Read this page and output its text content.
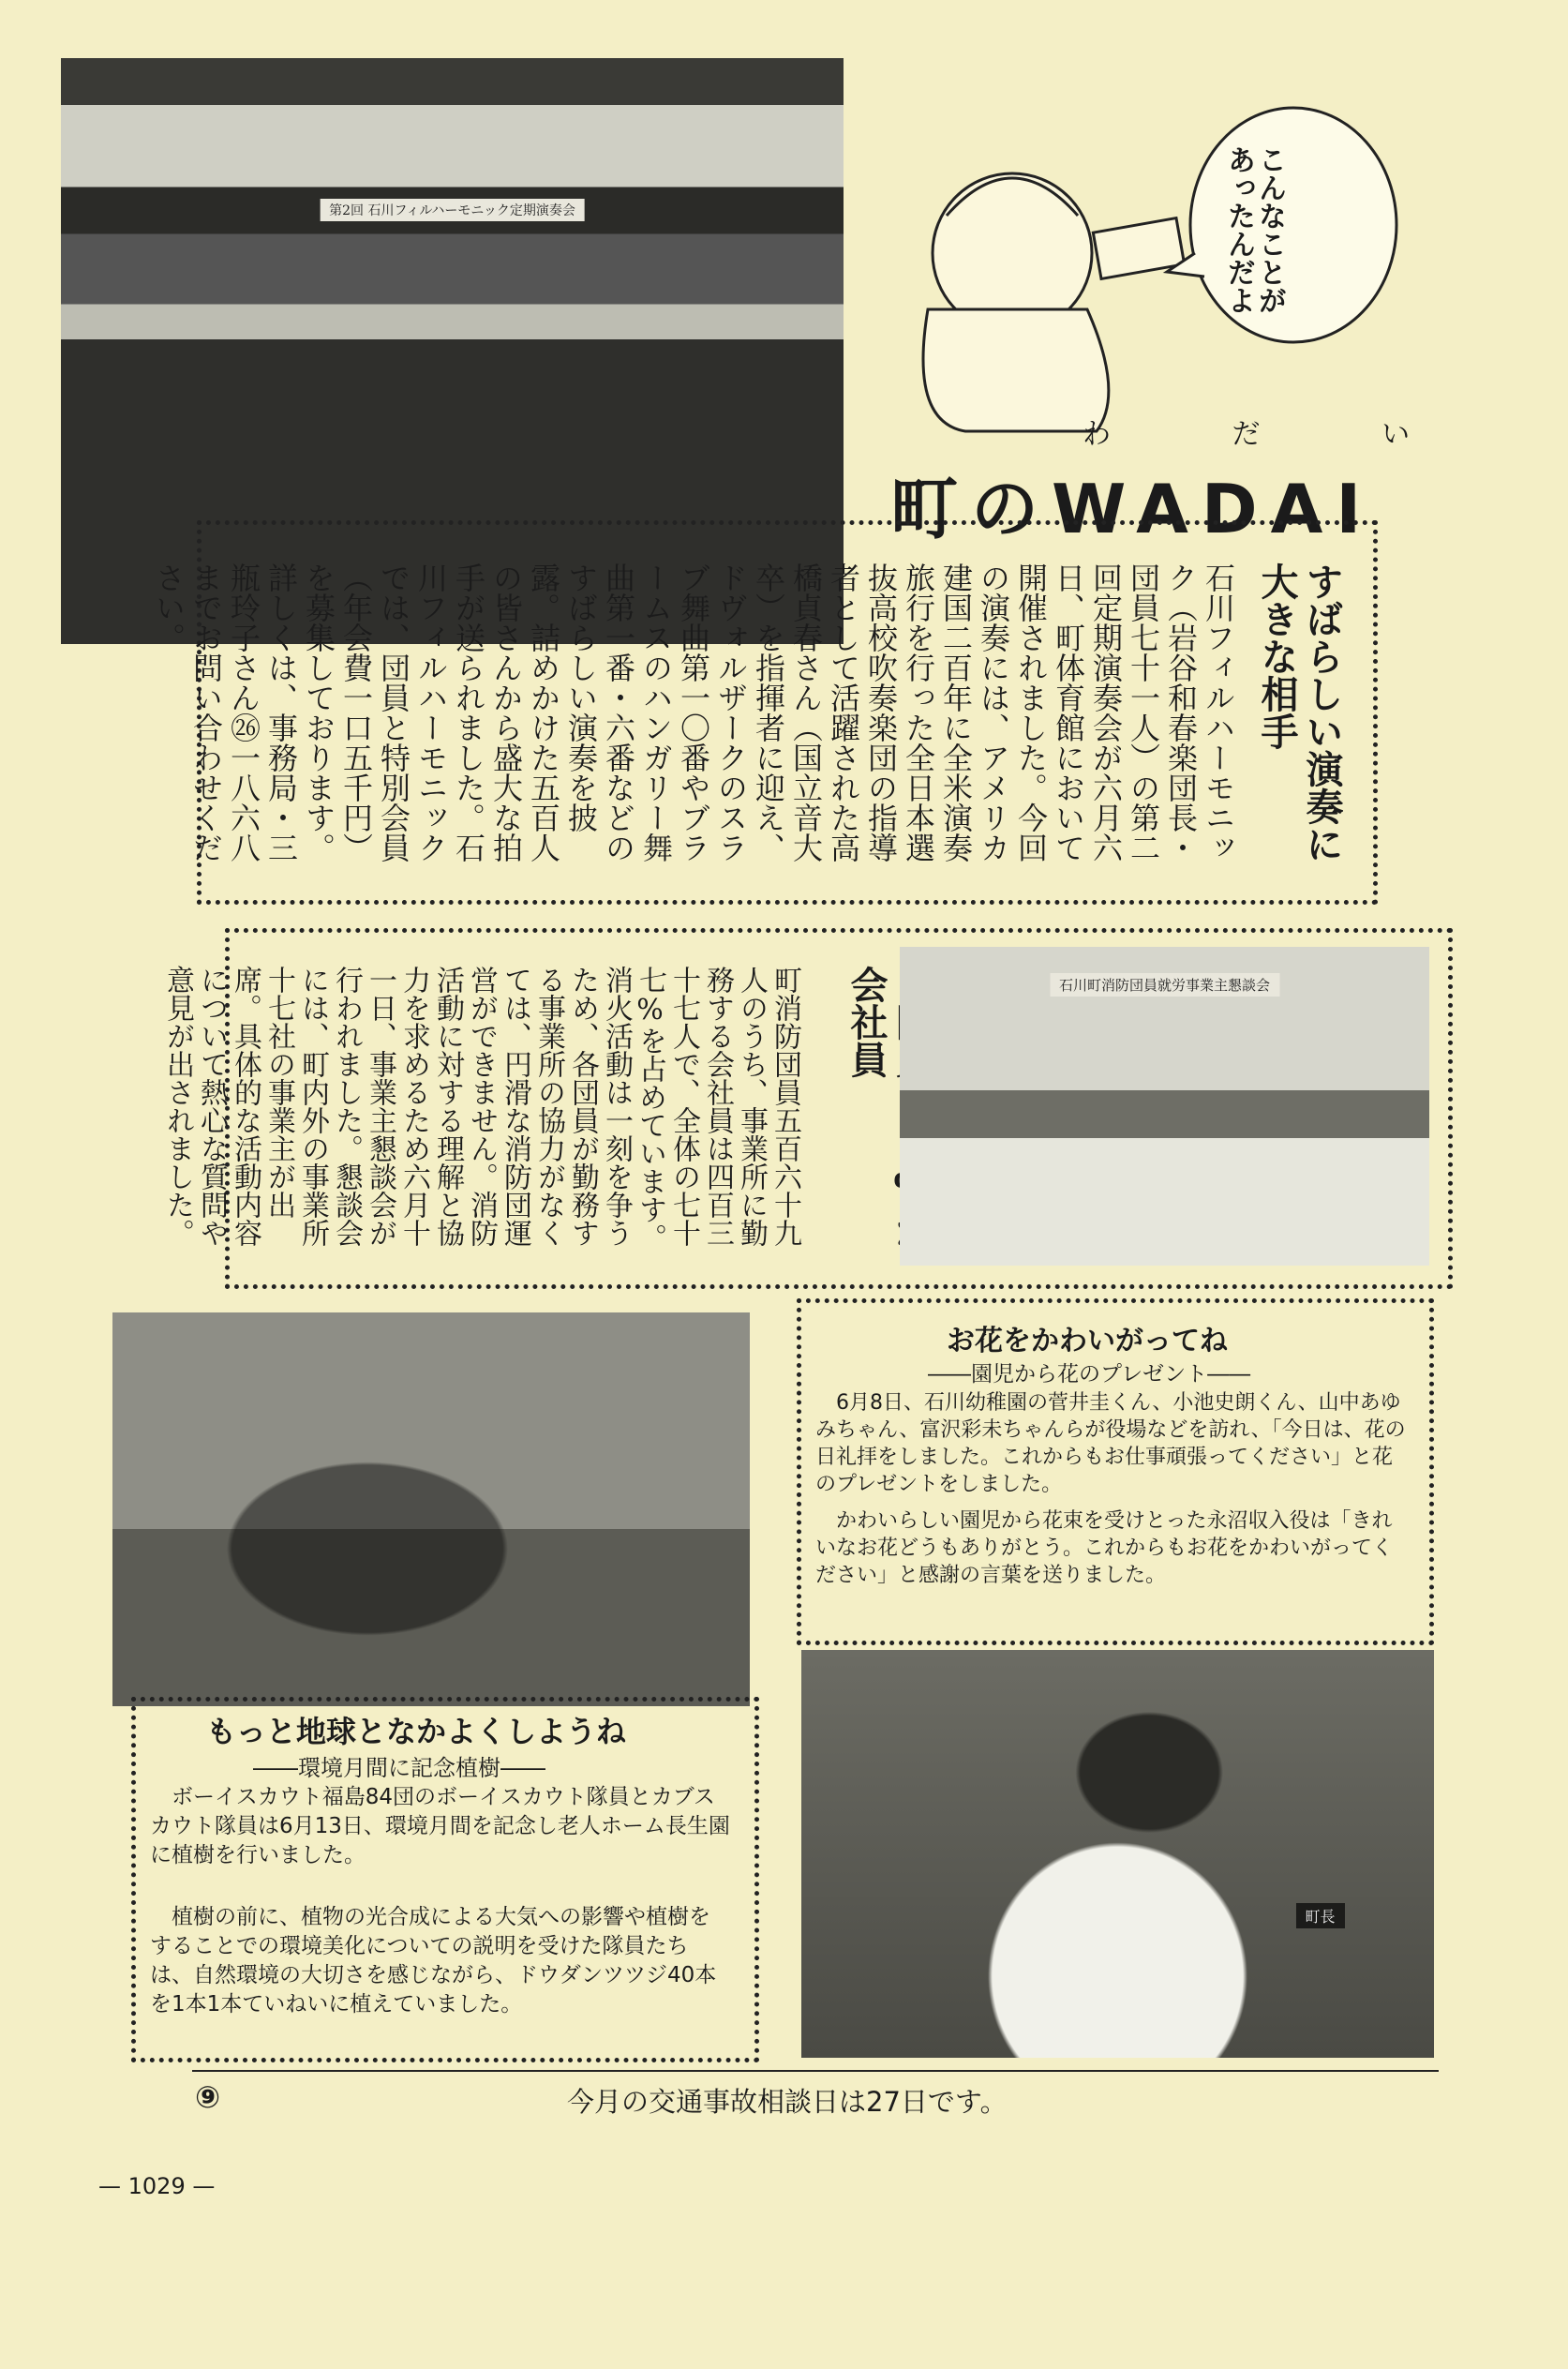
第2回 石川フィルハーモニック定期演奏会	こんなことがあったんだよ
わ だ い
町のWADAI
すばらしい演奏に大きな相手
石川フィルハーモニック（岩谷和春楽団長・団員七十一人）の第二回定期演奏会が六月六日、町体育館において開催されました。今回の演奏には、アメリカ建国二百年に全米演奏旅行を行った全日本選抜高校吹奏楽団の指導者として活躍された高橋貞春さん（国立音大卒）を指揮者に迎え、ドヴォルザークのスラブ舞曲第一〇番やブラームスのハンガリー舞曲第一番・六番などのすばらしい演奏を披露。詰めかけた五百人の皆さんから盛大な拍手が送られました。石川フィルハーモニックでは、団員と特別会員（年会費一口五千円）を募集しております。詳しくは、事務局・三瓶玲子さん㉖一八六八までお問い合わせください。
会社員
町消防団員五百六十九人のうち、事業所に勤務する会社員は四百三十七人で、全体の七十七%を占めています。消火活動は一刻を争うため、各団員が勤務する事業所の協力がなくては、円滑な消防団運営ができません。消防活動に対する理解と協力を求めるため六月十一日、事業主懇談会が行われました。懇談会には、町内外の事業所十七社の事業主が出席。具体的な活動内容について熱心な質問や意見が出されました。	石川町消防団員就労事業主懇談会
お花をかわいがってね
――園児から花のプレゼント――
6月8日、石川幼稚園の菅井圭くん、小池史朗くん、山中あゆみちゃん、富沢彩未ちゃんらが役場などを訪れ、「今日は、花の日礼拝をしました。これからもお仕事頑張ってください」と花のプレゼントをしました。
かわいらしい園児から花束を受けとった永沼収入役は「きれいなお花どうもありがとう。これからもお花をかわいがってください」と感謝の言葉を送りました。
町長
もっと地球となかよくしようね
――環境月間に記念植樹――
ボーイスカウト福島84団のボーイスカウト隊員とカブスカウト隊員は6月13日、環境月間を記念し老人ホーム長生園に植樹を行いました。
植樹の前に、植物の光合成による大気への影響や植樹をすることでの環境美化についての説明を受けた隊員たちは、自然環境の大切さを感じながら、ドウダンツツジ40本を1本1本ていねいに植えていました。
⑨	今月の交通事故相談日は27日です。
— 1029 —
